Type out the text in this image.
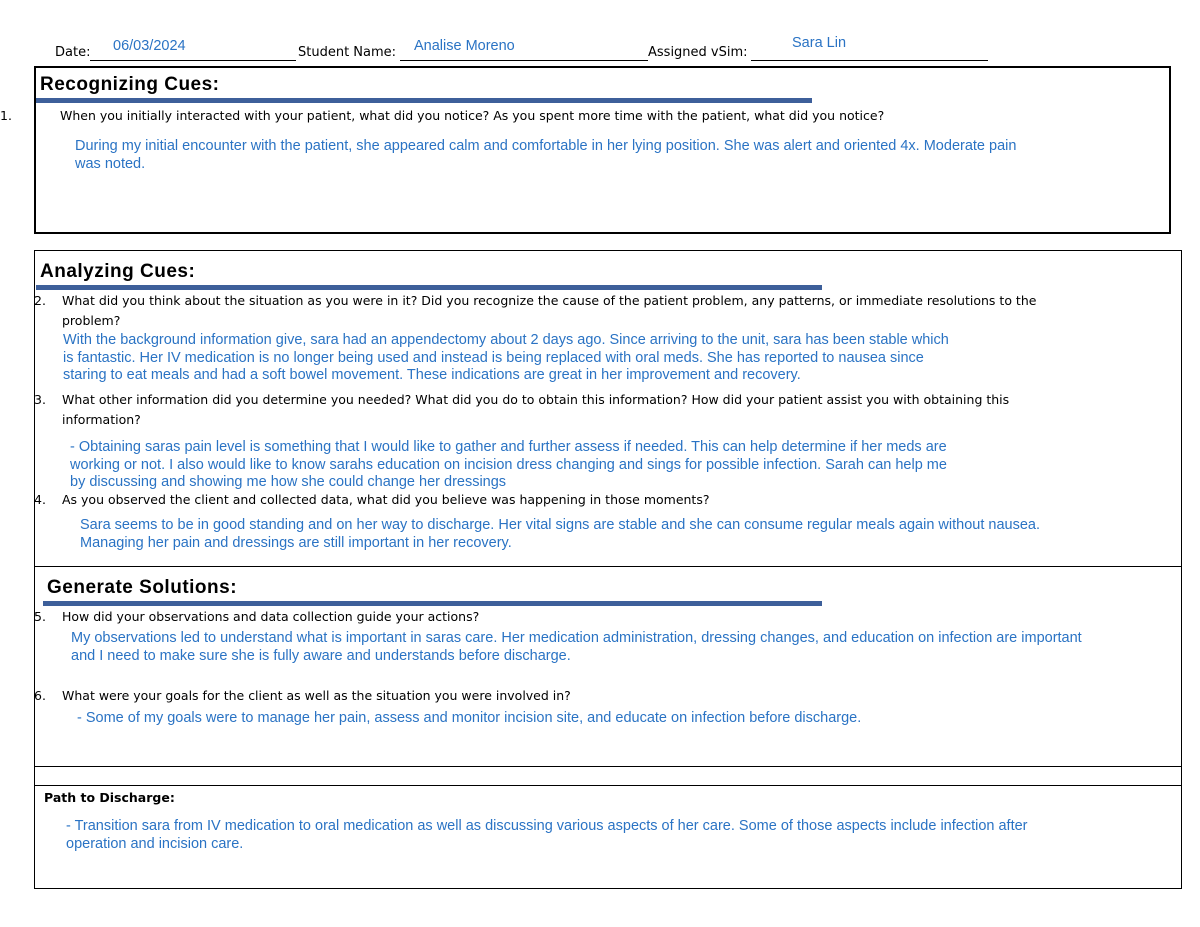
Date: 06/03/2024	Student Name: Analise Moreno	Assigned vSim:
Sara Lin
Recognizing Cues:
1.	When you initially interacted with your patient, what did you notice? As you spent more time with the patient, what did you notice?
During my initial encounter with the patient, she appeared calm and comfortable in her lying position. She was alert and oriented 4x. Moderate pain
was noted.
Analyzing Cues:
2. What did you think about the situation as you were in it? Did you recognize the cause of the patient problem, any patterns, or immediate resolutions to the
problem?
With the background information give, sara had an appendectomy about 2 days ago. Since arriving to the unit, sara has been stable which
is fantastic. Her IV medication is no longer being used and instead is being replaced with oral meds. She has reported to nausea since
staring to eat meals and had a soft bowel movement. These indications are great in her improvement and recovery.
3. What other information did you determine you needed? What did you do to obtain this information? How did your patient assist you with obtaining this
information?
- Obtaining saras pain level is something that I would like to gather and further assess if needed. This can help determine if her meds are
working or not. I also would like to know sarahs education on incision dress changing and sings for possible infection. Sarah can help me
by discussing and showing me how she could change her dressings
4. As you observed the client and collected data, what did you believe was happening in those moments?
Sara seems to be in good standing and on her way to discharge. Her vital signs are stable and she can consume regular meals again without nausea.
Managing her pain and dressings are still important in her recovery.
Generate Solutions:
5. How did your observations and data collection guide your actions?
My observations led to understand what is important in saras care. Her medication administration, dressing changes, and education on infection are important
and I need to make sure she is fully aware and understands before discharge.
6. What were your goals for the client as well as the situation you were involved in?
- Some of my goals were to manage her pain, assess and monitor incision site, and educate on infection before discharge.
Path to Discharge:
- Transition sara from IV medication to oral medication as well as discussing various aspects of her care. Some of those aspects include infection after
operation and incision care.
